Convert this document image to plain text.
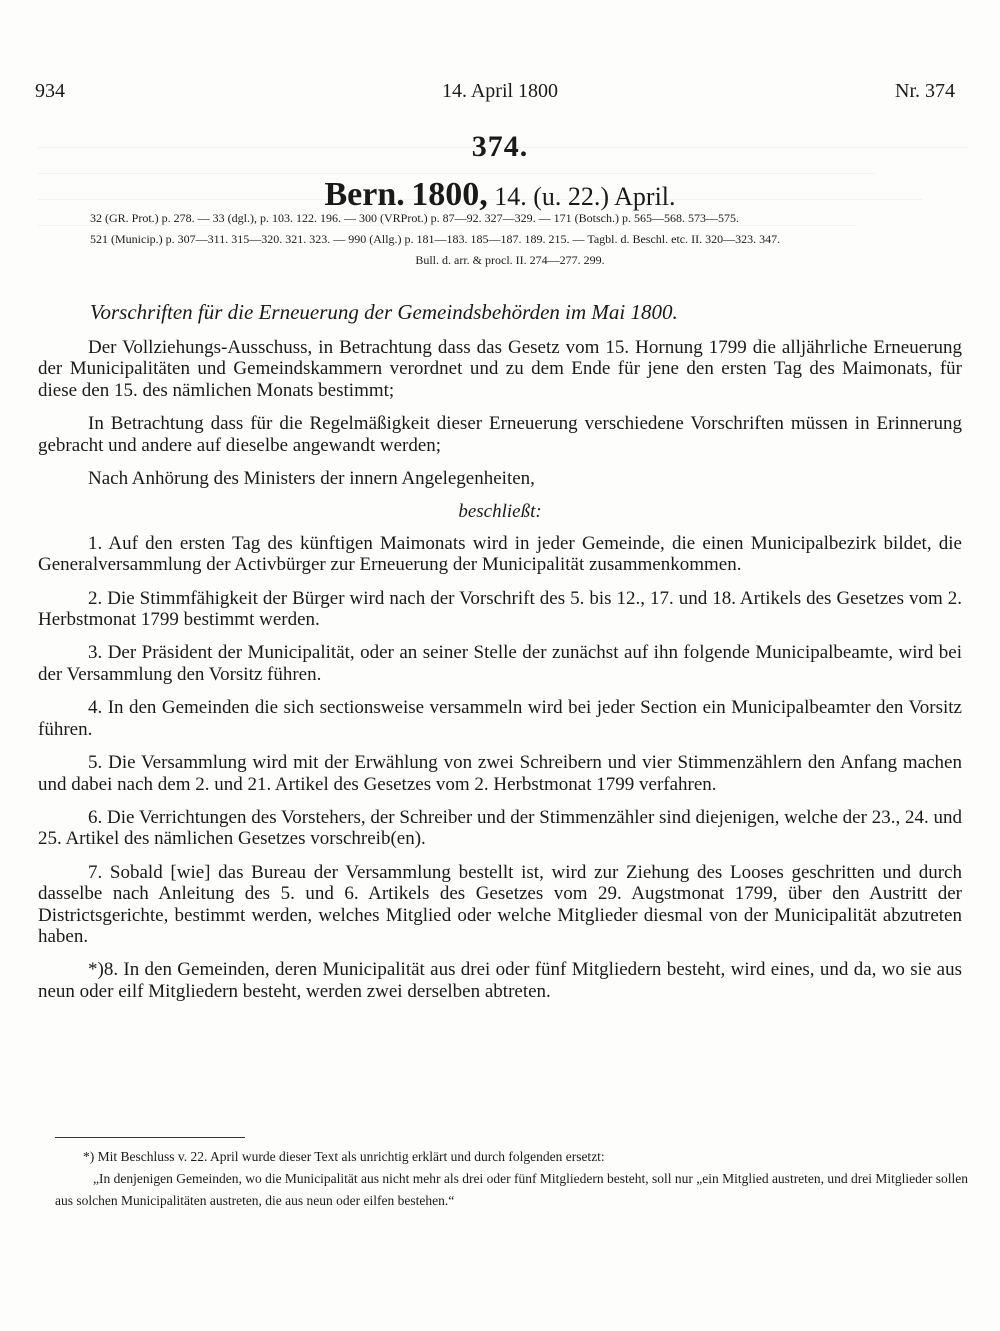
934	14. April 1800	Nr. 374
374.
Bern. 1800, 14. (u. 22.) April.
32 (GR. Prot.) p. 278. — 33 (dgl.), p. 103. 122. 196. — 300 (VRProt.) p. 87—92. 327—329. — 171 (Botsch.) p. 565—568. 573—575.
521 (Municip.) p. 307—311. 315—320. 321. 323. — 990 (Allg.) p. 181—183. 185—187. 189. 215. — Tagbl. d. Beschl. etc. II. 320—323. 347.
Bull. d. arr. & procl. II. 274—277. 299.
Vorschriften für die Erneuerung der Gemeindsbehörden im Mai 1800.

Der Vollziehungs-Ausschuss, in Betrachtung dass das Gesetz vom 15. Hornung 1799 die alljährliche Erneuerung der Municipalitäten und Gemeindskammern verordnet und zu dem Ende für jene den ersten Tag des Maimonats, für diese den 15. des nämlichen Monats bestimmt;

In Betrachtung dass für die Regelmäßigkeit dieser Erneuerung verschiedene Vorschriften müssen in Erinnerung gebracht und andere auf dieselbe angewandt werden;

Nach Anhörung des Ministers der innern Angelegenheiten,

beschließt:

1. Auf den ersten Tag des künftigen Maimonats wird in jeder Gemeinde, die einen Municipalbezirk bildet, die Generalversammlung der Activbürger zur Erneuerung der Municipalität zusammenkommen.

2. Die Stimmfähigkeit der Bürger wird nach der Vorschrift des 5. bis 12., 17. und 18. Artikels des Gesetzes vom 2. Herbstmonat 1799 bestimmt werden.

3. Der Präsident der Municipalität, oder an seiner Stelle der zunächst auf ihn folgende Municipalbeamte, wird bei der Versammlung den Vorsitz führen.

4. In den Gemeinden die sich sectionsweise versammeln wird bei jeder Section ein Municipalbeamter den Vorsitz führen.

5. Die Versammlung wird mit der Erwählung von zwei Schreibern und vier Stimmenzählern den Anfang machen und dabei nach dem 2. und 21. Artikel des Gesetzes vom 2. Herbstmonat 1799 verfahren.

6. Die Verrichtungen des Vorstehers, der Schreiber und der Stimmenzähler sind diejenigen, welche der 23., 24. und 25. Artikel des nämlichen Gesetzes vorschreib(en).

7. Sobald [wie] das Bureau der Versammlung bestellt ist, wird zur Ziehung des Looses geschritten und durch dasselbe nach Anleitung des 5. und 6. Artikels des Gesetzes vom 29. Augstmonat 1799, über den Austritt der Districtsgerichte, bestimmt werden, welches Mitglied oder welche Mitglieder diesmal von der Municipalität abzutreten haben.

*)8. In den Gemeinden, deren Municipalität aus drei oder fünf Mitgliedern besteht, wird eines, und da, wo sie aus neun oder eilf Mitgliedern besteht, werden zwei derselben abtreten.

*) Mit Beschluss v. 22. April wurde dieser Text als unrichtig erklärt und durch folgenden ersetzt:

„In denjenigen Gemeinden, wo die Municipalität aus nicht mehr als drei oder fünf Mitgliedern besteht, soll nur „ein Mitglied austreten, und drei Mitglieder sollen aus solchen Municipalitäten austreten, die aus neun oder eilfen bestehen.“
